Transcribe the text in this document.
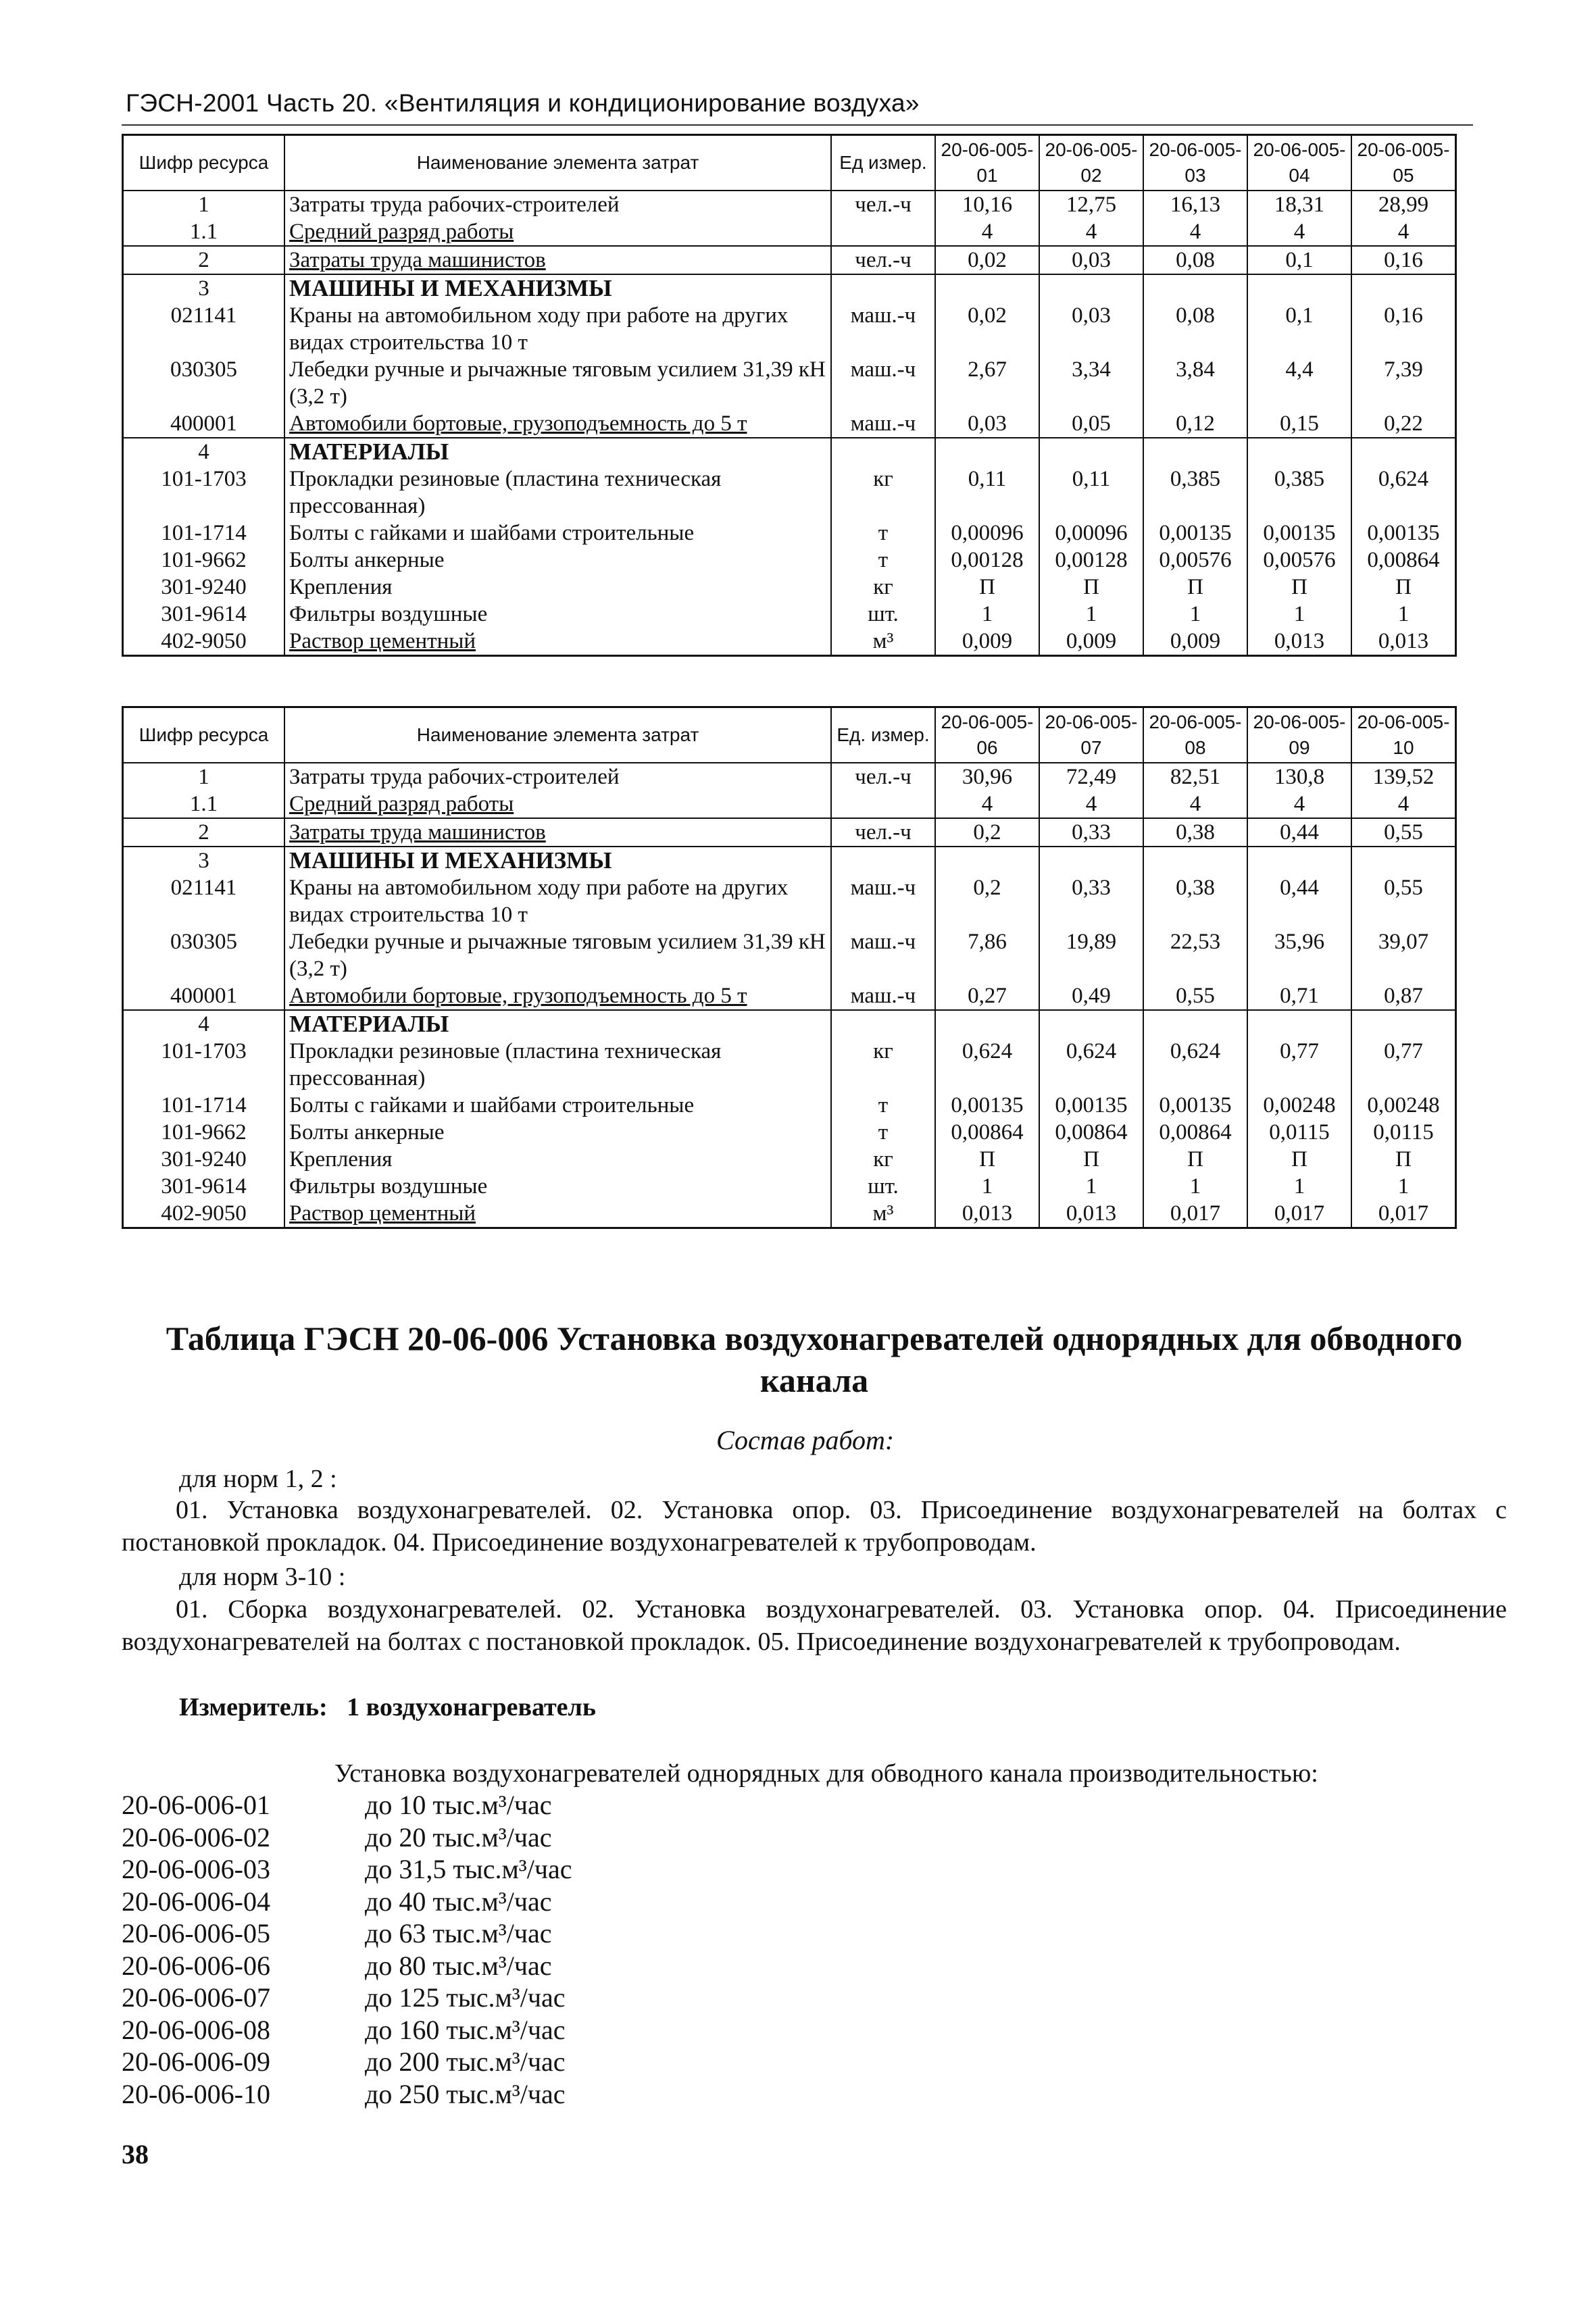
ГЭСН-2001 Часть 20. «Вентиляция и кондиционирование воздуха»
Шифр ресурса	Наименование элемента затрат	Ед измер.	20-06-005-01	20-06-005-02	20-06-005-03	20-06-005-04	20-06-005-05
1	Затраты труда рабочих-строителей	чел.-ч	10,16	12,75	16,13	18,31	28,99
1.1	Средний разряд работы		4	4	4	4	4
2	Затраты труда машинистов	чел.-ч	0,02	0,03	0,08	0,1	0,16
3	МАШИНЫ И МЕХАНИЗМЫ						
021141	Краны на автомобильном ходу при работе на других видах строительства 10 т	маш.-ч	0,02	0,03	0,08	0,1	0,16
030305	Лебедки ручные и рычажные тяговым усилием 31,39 кН (3,2 т)	маш.-ч	2,67	3,34	3,84	4,4	7,39
400001	Автомобили бортовые, грузоподъемность до 5 т	маш.-ч	0,03	0,05	0,12	0,15	0,22
4	МАТЕРИАЛЫ						
101-1703	Прокладки резиновые (пластина техническая прессованная)	кг	0,11	0,11	0,385	0,385	0,624
101-1714	Болты с гайками и шайбами строительные	т	0,00096	0,00096	0,00135	0,00135	0,00135
101-9662	Болты анкерные	т	0,00128	0,00128	0,00576	0,00576	0,00864
301-9240	Крепления	кг	П	П	П	П	П
301-9614	Фильтры воздушные	шт.	1	1	1	1	1
402-9050	Раствор цементный	м³	0,009	0,009	0,009	0,013	0,013
Шифр ресурса	Наименование элемента затрат	Ед. измер.	20-06-005-06	20-06-005-07	20-06-005-08	20-06-005-09	20-06-005-10
1	Затраты труда рабочих-строителей	чел.-ч	30,96	72,49	82,51	130,8	139,52
1.1	Средний разряд работы		4	4	4	4	4
2	Затраты труда машинистов	чел.-ч	0,2	0,33	0,38	0,44	0,55
3	МАШИНЫ И МЕХАНИЗМЫ						
021141	Краны на автомобильном ходу при работе на других видах строительства 10 т	маш.-ч	0,2	0,33	0,38	0,44	0,55
030305	Лебедки ручные и рычажные тяговым усилием 31,39 кН (3,2 т)	маш.-ч	7,86	19,89	22,53	35,96	39,07
400001	Автомобили бортовые, грузоподъемность до 5 т	маш.-ч	0,27	0,49	0,55	0,71	0,87
4	МАТЕРИАЛЫ						
101-1703	Прокладки резиновые (пластина техническая прессованная)	кг	0,624	0,624	0,624	0,77	0,77
101-1714	Болты с гайками и шайбами строительные	т	0,00135	0,00135	0,00135	0,00248	0,00248
101-9662	Болты анкерные	т	0,00864	0,00864	0,00864	0,0115	0,0115
301-9240	Крепления	кг	П	П	П	П	П
301-9614	Фильтры воздушные	шт.	1	1	1	1	1
402-9050	Раствор цементный	м³	0,013	0,013	0,017	0,017	0,017
Таблица ГЭСН 20-06-006 Установка воздухонагревателей однорядных для обводного
канала
Состав работ:
для норм 1, 2 :
01. Установка воздухонагревателей. 02. Установка опор. 03. Присоединение воздухонагревателей на болтах с постановкой прокладок. 04. Присоединение воздухонагревателей к трубопроводам.
для норм 3-10 :
01. Сборка воздухонагревателей. 02. Установка воздухонагревателей. 03. Установка опор. 04. Присоединение воздухонагревателей на болтах с постановкой прокладок. 05. Присоединение воздухонагревателей к трубопроводам.
Измеритель: 1 воздухонагреватель
Установка воздухонагревателей однорядных для обводного канала производительностью:
20-06-006-01	до 10 тыс.м³/час
20-06-006-02	до 20 тыс.м³/час
20-06-006-03	до 31,5 тыс.м³/час
20-06-006-04	до 40 тыс.м³/час
20-06-006-05	до 63 тыс.м³/час
20-06-006-06	до 80 тыс.м³/час
20-06-006-07	до 125 тыс.м³/час
20-06-006-08	до 160 тыс.м³/час
20-06-006-09	до 200 тыс.м³/час
20-06-006-10	до 250 тыс.м³/час
38
